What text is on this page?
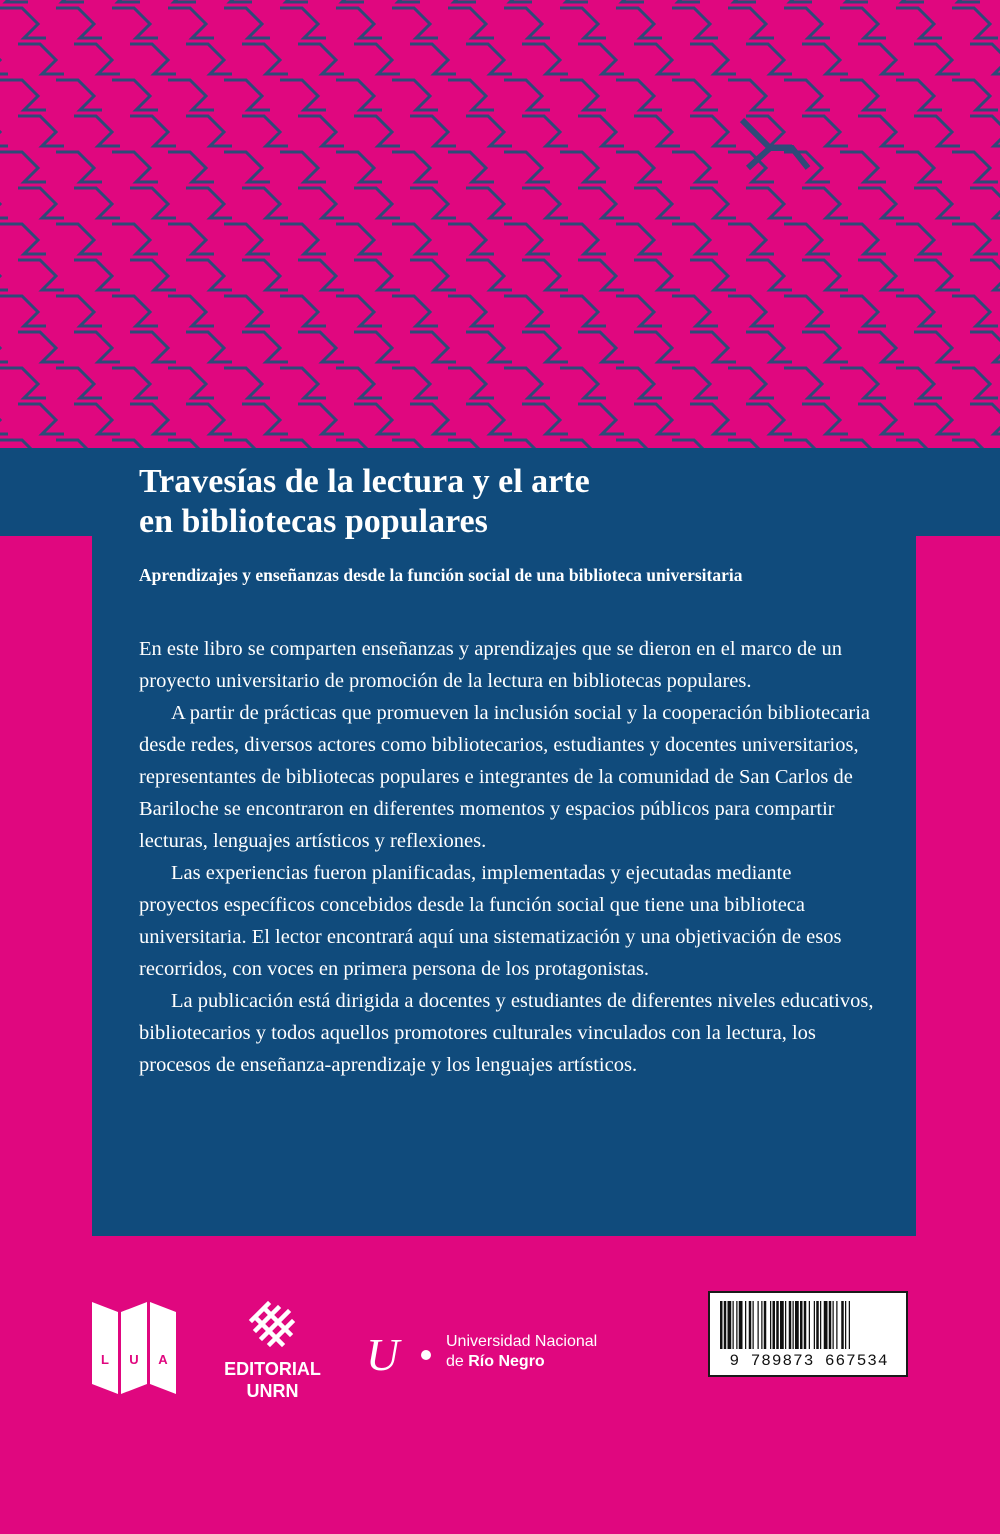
Travesías de la lectura y el arte
en bibliotecas populares

Aprendizajes y enseñanzas desde la función social de una biblioteca universitaria

En este libro se comparten enseñanzas y aprendizajes que se dieron en el marco de un proyecto universitario de promoción de la lectura en bibliotecas populares.

A partir de prácticas que promueven la inclusión social y la cooperación bibliotecaria desde redes, diversos actores como bibliotecarios, estudiantes y docentes universitarios, representantes de bibliotecas populares e integrantes de la comunidad de San Carlos de Bariloche se encontraron en diferentes momentos y espacios públicos para compartir lecturas, lenguajes artísticos y reflexiones.

Las experiencias fueron planificadas, implementadas y ejecutadas mediante proyectos específicos concebidos desde la función social que tiene una biblioteca universitaria. El lector encontrará aquí una sistematización y una objetivación de esos recorridos, con voces en primera persona de los protagonistas.

La publicación está dirigida a docentes y estudiantes de diferentes niveles educativos, bibliotecarios y todos aquellos promotores culturales vinculados con la lectura, los procesos de enseñanza-aprendizaje y los lenguajes artísticos.

L U A	EDITORIAL
UNRN
U	Universidad Nacional
de Río Negro	9 789873 667534
